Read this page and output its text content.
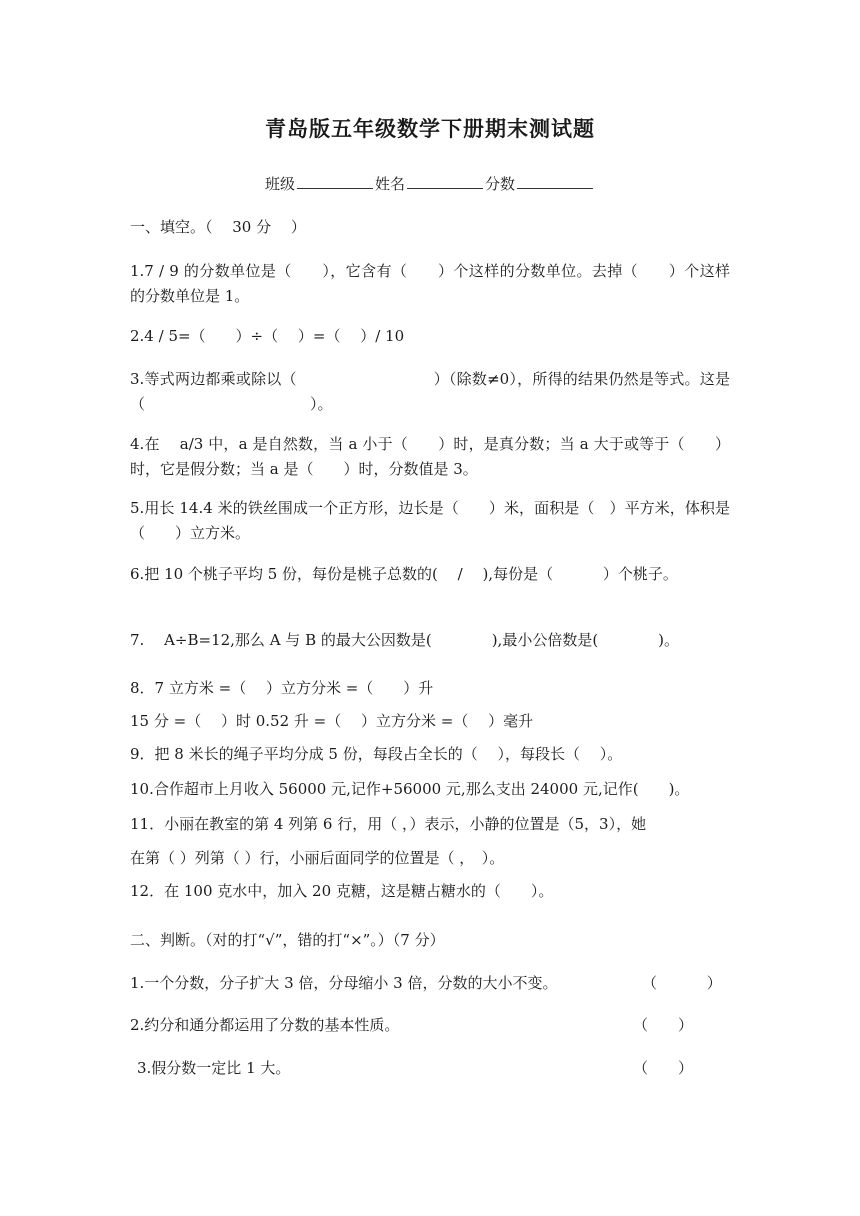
青岛版五年级数学下册期末测试题
班级	姓名	分数
一、填空。（　 30 分　 ）
1.7 / 9 的分数单位是（　　），它含有（　　）个这样的分数单位。去掉（　　）个这样的分数单位是 1。
2.4 / 5=（　　）÷（　 ）=（　 ）/ 10
3.等式两边都乘或除以（　　　　　　　　　）（除数≠0），所得的结果仍然是等式。这是（　　　　　　　　　　　）。
4.在　 a/3 中，a 是自然数，当 a 小于（　　）时，是真分数；当 a 大于或等于（　　）时，它是假分数；当 a 是（　　）时，分数值是 3。
5.用长 14.4 米的铁丝围成一个正方形，边长是（　　）米，面积是（　）平方米，体积是（　　）立方米。
6.把 10 个桃子平均 5 份，每份是桃子总数的(　 /　 ),每份是（　　　 ）个桃子。
7.　 A÷B=12,那么 A 与 B 的最大公因数是(　　　　),最小公倍数是(　　　　)。
8．7 立方米 =（　 ）立方分米 =（　　）升
15 分 =（　 ）时 0.52 升 =（　 ）立方分米 =（　 ）毫升
9．把 8 米长的绳子平均分成 5 份，每段占全长的（　 ），每段长（　 ）。
10.合作超市上月收入 56000 元,记作+56000 元,那么支出 24000 元,记作(　　)。
11．小丽在教室的第 4 列第 6 行，用（ ，）表示，小静的位置是（5，3），她
在第（ ）列第（ ）行，小丽后面同学的位置是（ ，　）。
12．在 100 克水中，加入 20 克糖，这是糖占糖水的（　　）。
二、判断。（对的打“√”，错的打“×”。）（7 分）
1.一个分数，分子扩大 3 倍，分母缩小 3 倍，分数的大小不变。	（　　　 ）
2.约分和通分都运用了分数的基本性质。	（　　）
3.假分数一定比 1 大。	（　　）
